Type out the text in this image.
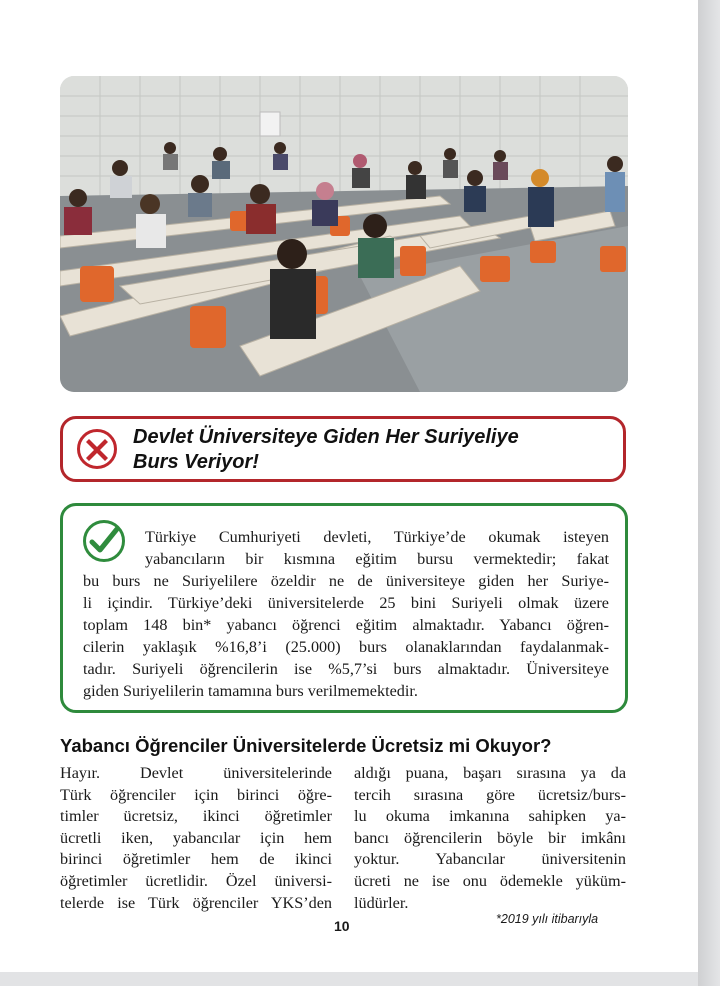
Devlet Üniversiteye Giden Her Suriyeliye
Burs Veriyor!
Türkiye Cumhuriyeti devleti, Türkiye’de okumak isteyen
yabancıların bir kısmına eğitim bursu vermektedir; fakat
bu burs ne Suriyelilere özeldir ne de üniversiteye giden her Suriye-
li içindir. Türkiye’deki üniversitelerde 25 bini Suriyeli olmak üzere
toplam 148 bin* yabancı öğrenci eğitim almaktadır. Yabancı öğren-
cilerin yaklaşık %16,8’i (25.000) burs olanaklarından faydalanmak-
tadır. Suriyeli öğrencilerin ise %5,7’si burs almaktadır. Üniversiteye
giden Suriyelilerin tamamına burs verilmemektedir.
Yabancı Öğrenciler Üniversitelerde Ücretsiz mi Okuyor?
Hayır. Devlet üniversitelerinde
Türk öğrenciler için birinci öğre-
timler ücretsiz, ikinci öğretimler
ücretli iken, yabancılar için hem
birinci öğretimler hem de ikinci
öğretimler ücretlidir. Özel üniversi-
telerde ise Türk öğrenciler YKS’den
aldığı puana, başarı sırasına ya da
tercih sırasına göre ücretsiz/burs-
lu okuma imkanına sahipken ya-
bancı öğrencilerin böyle bir imkânı
yoktur. Yabancılar üniversitenin
ücreti ne ise onu ödemekle yüküm-
lüdürler.
10	*2019 yılı itibarıyla
